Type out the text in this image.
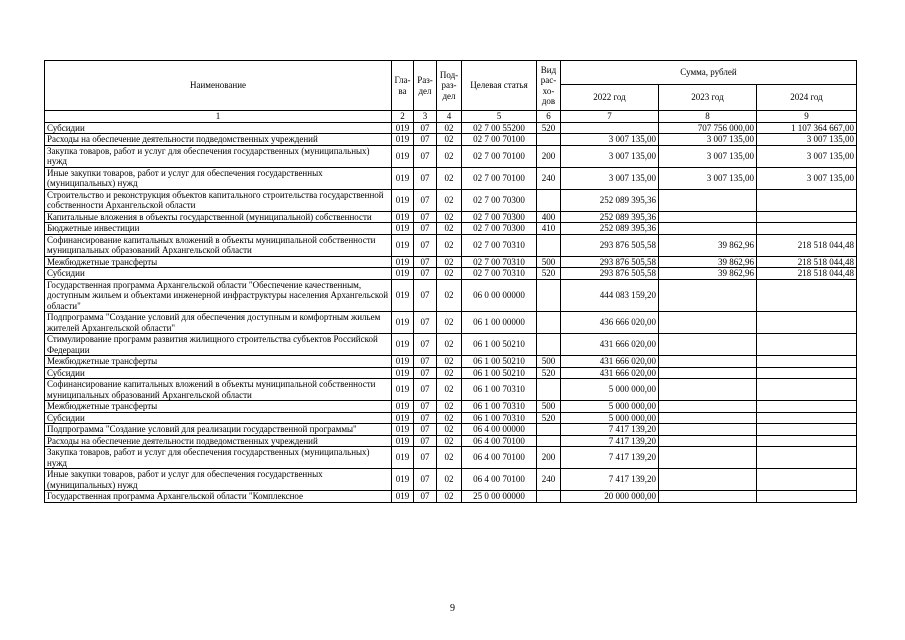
Наименование	Гла-ва	Раз-дел	Под-раз-дел	Целевая статья	Вид рас-хо-дов	Сумма, рублей		
						2022 год	2023 год	2024 год
1	2	3	4	5	6	7	8	9
Субсидии	019	07	02	02 7 00 55200	520		707 756 000,00	1 107 364 667,00
Расходы на обеспечение деятельности подведомственных учреждений	019	07	02	02 7 00 70100		3 007 135,00	3 007 135,00	3 007 135,00
Закупка товаров, работ и услуг для обеспечения государственных (муниципальных) нужд	019	07	02	02 7 00 70100	200	3 007 135,00	3 007 135,00	3 007 135,00
Иные закупки товаров, работ и услуг для обеспечения государственных (муниципальных) нужд	019	07	02	02 7 00 70100	240	3 007 135,00	3 007 135,00	3 007 135,00
Строительство и реконструкция объектов капитального строительства государственной собственности Архангельской области	019	07	02	02 7 00 70300		252 089 395,36		
Капитальные вложения в объекты государственной (муниципальной) собственности	019	07	02	02 7 00 70300	400	252 089 395,36		
Бюджетные инвестиции	019	07	02	02 7 00 70300	410	252 089 395,36		
Софинансирование капитальных вложений в объекты муниципальной собственности муниципальных образований Архангельской области	019	07	02	02 7 00 70310		293 876 505,58	39 862,96	218 518 044,48
Межбюджетные трансферты	019	07	02	02 7 00 70310	500	293 876 505,58	39 862,96	218 518 044,48
Субсидии	019	07	02	02 7 00 70310	520	293 876 505,58	39 862,96	218 518 044,48
Государственная программа Архангельской области "Обеспечение качественным, доступным жильем и объектами инженерной инфраструктуры населения Архангельской области"	019	07	02	06 0 00 00000		444 083 159,20		
Подпрограмма "Создание условий для обеспечения доступным и комфортным жильем жителей Архангельской области"	019	07	02	06 1 00 00000		436 666 020,00		
Стимулирование программ развития жилищного строительства субъектов Российской Федерации	019	07	02	06 1 00 50210		431 666 020,00		
Межбюджетные трансферты	019	07	02	06 1 00 50210	500	431 666 020,00		
Субсидии	019	07	02	06 1 00 50210	520	431 666 020,00		
Софинансирование капитальных вложений в объекты муниципальной собственности муниципальных образований Архангельской области	019	07	02	06 1 00 70310		5 000 000,00		
Межбюджетные трансферты	019	07	02	06 1 00 70310	500	5 000 000,00		
Субсидии	019	07	02	06 1 00 70310	520	5 000 000,00		
Подпрограмма "Создание условий для реализации государственной программы"	019	07	02	06 4 00 00000		7 417 139,20		
Расходы на обеспечение деятельности подведомственных учреждений	019	07	02	06 4 00 70100		7 417 139,20		
Закупка товаров, работ и услуг для обеспечения государственных (муниципальных) нужд	019	07	02	06 4 00 70100	200	7 417 139,20		
Иные закупки товаров, работ и услуг для обеспечения государственных (муниципальных) нужд	019	07	02	06 4 00 70100	240	7 417 139,20		
Государственная программа Архангельской области "Комплексное	019	07	02	25 0 00 00000		20 000 000,00		
9
